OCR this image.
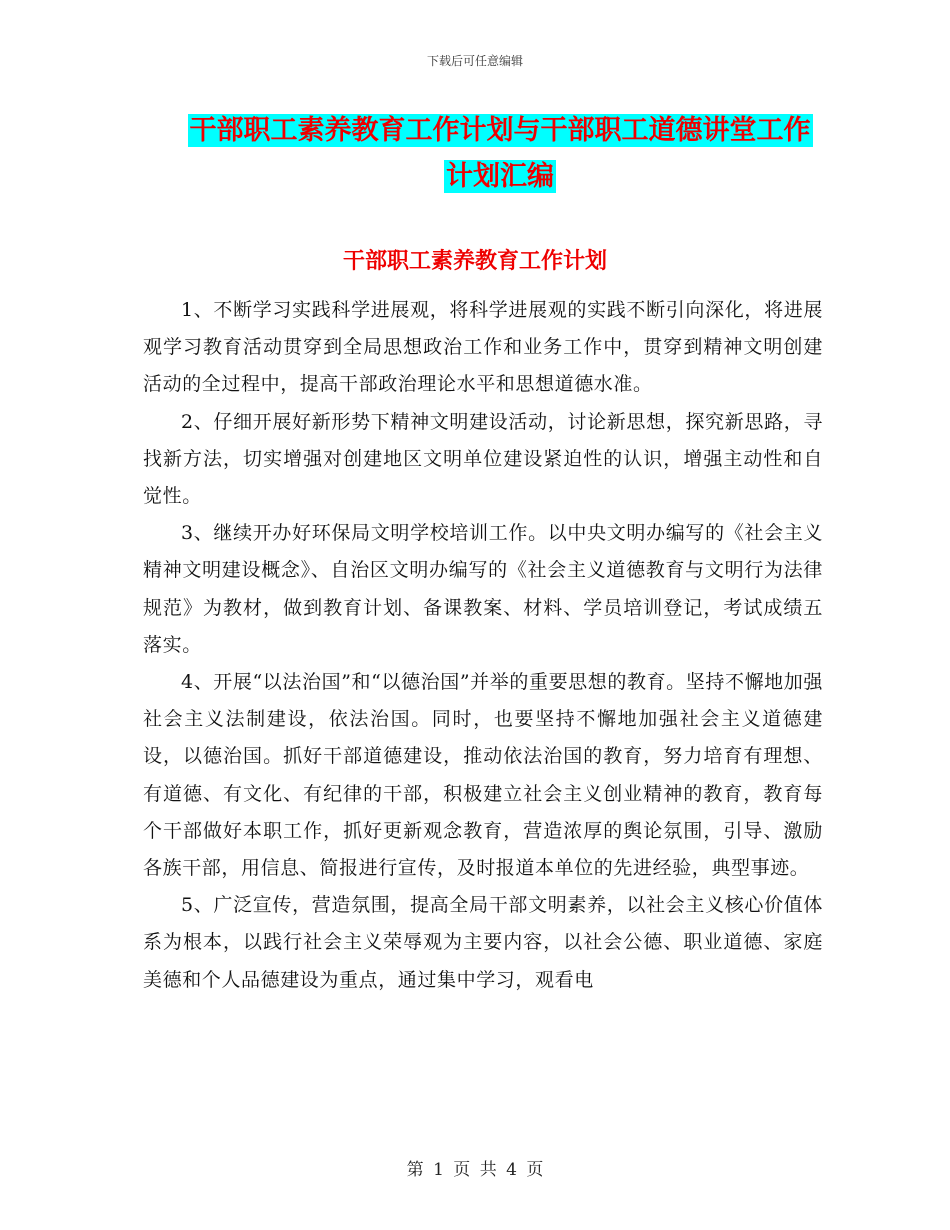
下载后可任意编辑
干部职工素养教育工作计划与干部职工道德讲堂工作
计划汇编
干部职工素养教育工作计划

1、不断学习实践科学进展观，将科学进展观的实践不断引向深化，将进展观学习教育活动贯穿到全局思想政治工作和业务工作中，贯穿到精神文明创建活动的全过程中，提高干部政治理论水平和思想道德水准。

2、仔细开展好新形势下精神文明建设活动，讨论新思想，探究新思路，寻找新方法，切实增强对创建地区文明单位建设紧迫性的认识，增强主动性和自觉性。

3、继续开办好环保局文明学校培训工作。以中央文明办编写的《社会主义精神文明建设概念》、自治区文明办编写的《社会主义道德教育与文明行为法律规范》为教材，做到教育计划、备课教案、材料、学员培训登记，考试成绩五落实。

4、开展“以法治国”和“以德治国”并举的重要思想的教育。坚持不懈地加强社会主义法制建设，依法治国。同时，也要坚持不懈地加强社会主义道德建设，以德治国。抓好干部道德建设，推动依法治国的教育，努力培育有理想、有道德、有文化、有纪律的干部，积极建立社会主义创业精神的教育，教育每个干部做好本职工作，抓好更新观念教育，营造浓厚的舆论氛围，引导、激励各族干部，用信息、简报进行宣传，及时报道本单位的先进经验，典型事迹。

5、广泛宣传，营造氛围，提高全局干部文明素养，以社会主义核心价值体系为根本，以践行社会主义荣辱观为主要内容，以社会公德、职业道德、家庭美德和个人品德建设为重点，通过集中学习，观看电

第 1 页 共 4 页
